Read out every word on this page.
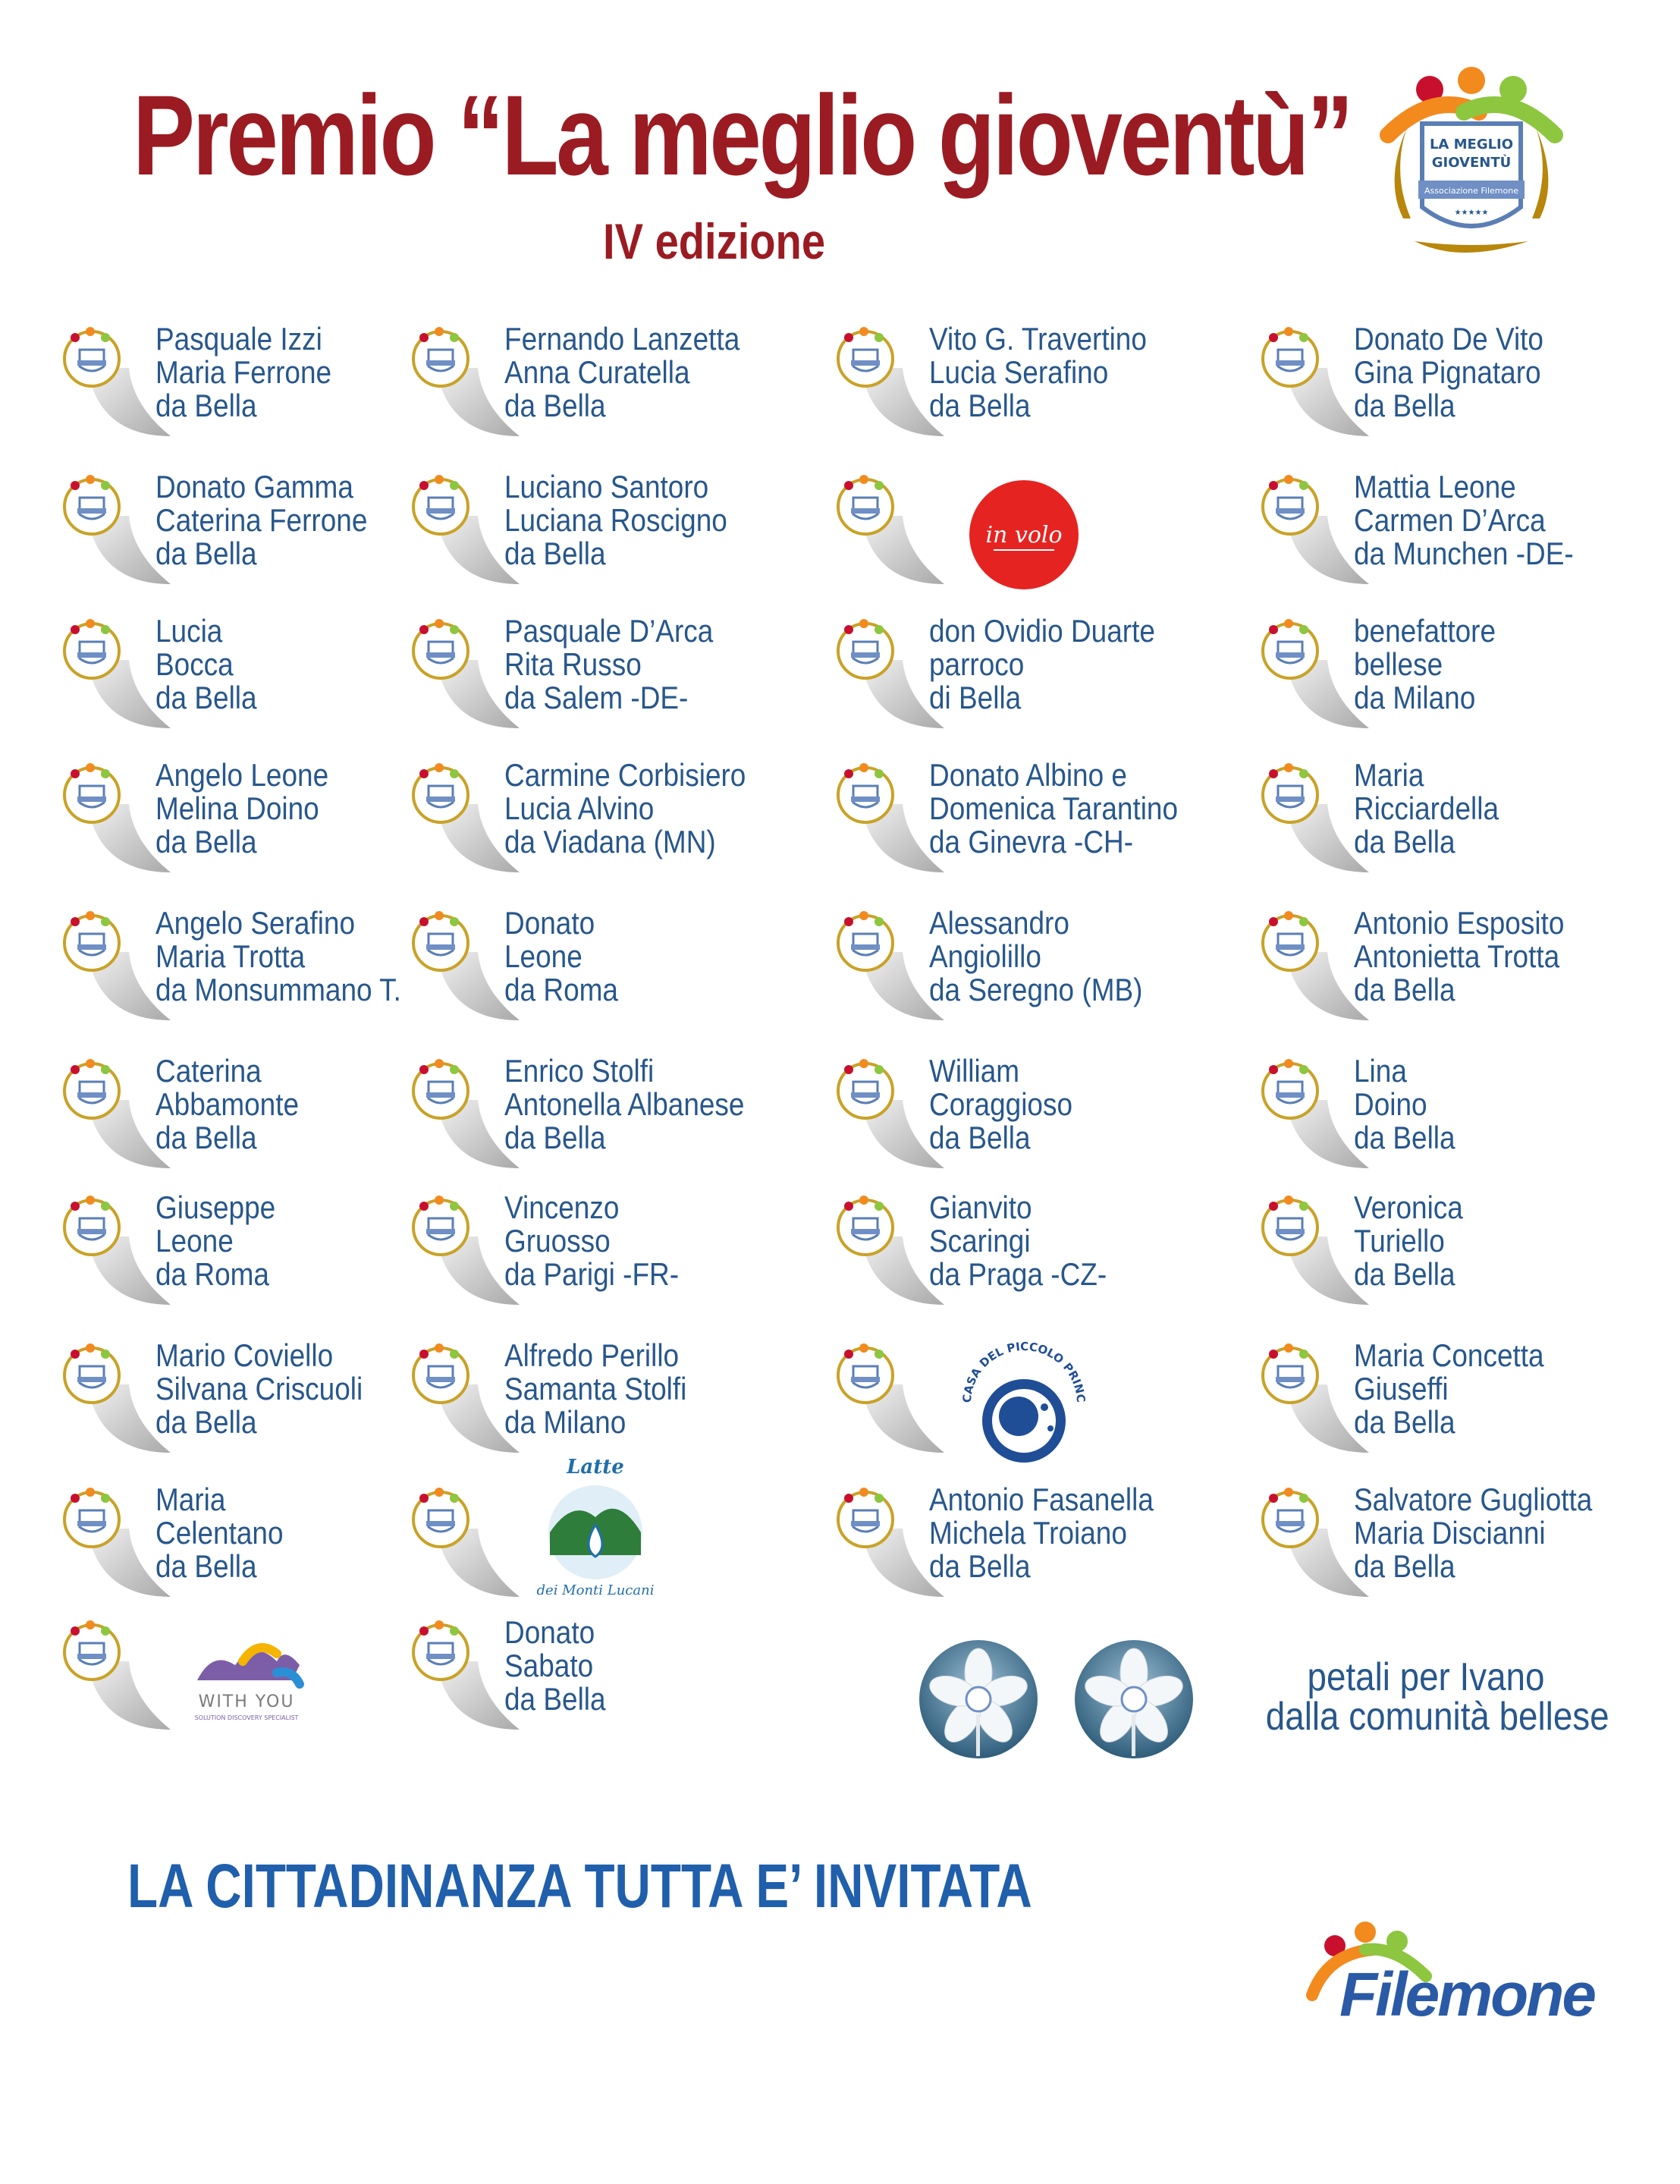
Premio “La meglio gioventù”
IV edizione
LA MEGLIO
GIOVENTÙ
Associazione Filemone
★★★★★
Pasquale Izzi
Maria Ferrone
da Bella
Fernando Lanzetta
Anna Curatella
da Bella
Vito G. Travertino
Lucia Serafino
da Bella
Donato De Vito
Gina Pignataro
da Bella
Donato Gamma
Caterina Ferrone
da Bella
Luciano Santoro
Luciana Roscigno
da Bella
in volo
Mattia Leone
Carmen D’Arca
da Munchen -DE-
Lucia
Bocca
da Bella
Pasquale D’Arca
Rita Russo
da Salem -DE-
don Ovidio Duarte
parroco
di Bella
benefattore
bellese
da Milano
Angelo Leone
Melina Doino
da Bella
Carmine Corbisiero
Lucia Alvino
da Viadana (MN)
Donato Albino e
Domenica Tarantino
da Ginevra -CH-
Maria
Ricciardella
da Bella
Angelo Serafino
Maria Trotta
da Monsummano T.
Donato
Leone
da Roma
Alessandro
Angiolillo
da Seregno (MB)
Antonio Esposito
Antonietta Trotta
da Bella
Caterina
Abbamonte
da Bella
Enrico Stolfi
Antonella Albanese
da Bella
William
Coraggioso
da Bella
Lina
Doino
da Bella
Giuseppe
Leone
da Roma
Vincenzo
Gruosso
da Parigi -FR-
Gianvito
Scaringi
da Praga -CZ-
Veronica
Turiello
da Bella
Mario Coviello
Silvana Criscuoli
da Bella
Alfredo Perillo
Samanta Stolfi
da Milano
CASA DEL PICCOLO PRINC
Maria Concetta
Giuseffi
da Bella
Maria
Celentano
da Bella
Latte
dei Monti Lucani
Antonio Fasanella
Michela Troiano
da Bella
Salvatore Gugliotta
Maria Discianni
da Bella
WITH YOU
SOLUTION DISCOVERY SPECIALIST
Donato
Sabato
da Bella	petali per Ivano
dalla comunità bellese
LA CITTADINANZA TUTTA E’ INVITATA
Filemone
